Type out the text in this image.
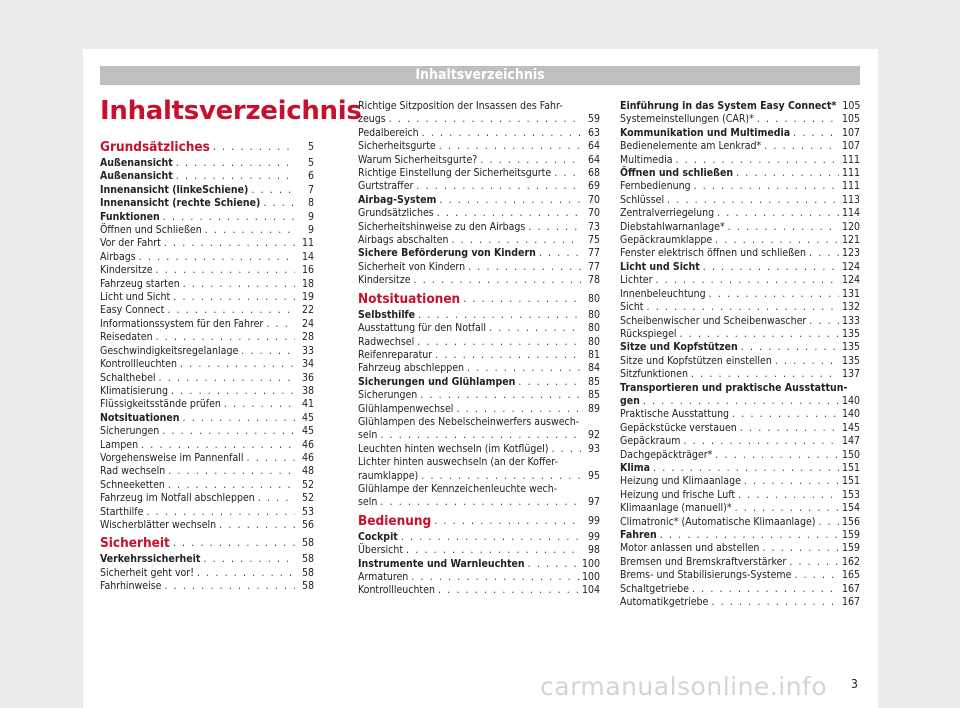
Inhaltsverzeichnis
Inhaltsverzeichnis
Grundsätzliches . . .	5
Außenansicht . . .	5
Außenansicht . . .	6
Innenansicht (linkeSchiene) . . .	7
Innenansicht (rechte Schiene) . . .	8
Funktionen . . .	9
Öffnen und Schließen . . .	9
Vor der Fahrt . . .	11
Airbags . . .	14
Kindersitze . . .	16
Fahrzeug starten . . .	18
Licht und Sicht . . .	19
Easy Connect . . .	22
Informationssystem für den Fahrer . . .	24
Reisedaten . . .	28
Geschwindigkeitsregelanlage . . .	33
Kontrollleuchten . . .	34
Schalthebel . . .	36
Klimatisierung . . .	38
Flüssigkeitsstände prüfen . . .	41
Notsituationen . . .	45
Sicherungen . . .	45
Lampen . . .	46
Vorgehensweise im Pannenfall . . .	46
Rad wechseln . . .	48
Schneeketten . . .	52
Fahrzeug im Notfall abschleppen . . .	52
Starthilfe . . .	53
Wischerblätter wechseln . . .	56
Sicherheit . . .	58
Verkehrssicherheit . . .	58
Sicherheit geht vor! . . .	58
Fahrhinweise . . .	58
Richtige Sitzposition der Insassen des Fahr-
zeugs . . .	59
Pedalbereich . . .	63
Sicherheitsgurte . . .	64
Warum Sicherheitsgurte? . . .	64
Richtige Einstellung der Sicherheitsgurte . . .	68
Gurtstraffer . . .	69
Airbag-System . . .	70
Grundsätzliches . . .	70
Sicherheitshinweise zu den Airbags . . .	73
Airbags abschalten . . .	75
Sichere Beförderung von Kindern . . .	77
Sicherheit von Kindern . . .	77
Kindersitze . . .	78
Notsituationen . . .	80
Selbsthilfe . . .	80
Ausstattung für den Notfall . . .	80
Radwechsel . . .	80
Reifenreparatur . . .	81
Fahrzeug abschleppen . . .	84
Sicherungen und Glühlampen . . .	85
Sicherungen . . .	85
Glühlampenwechsel . . .	89
Glühlampen des Nebelscheinwerfers auswech-
seln . . .	92
Leuchten hinten wechseln (im Kotflügel) . . .	93
Lichter hinten auswechseln (an der Koffer-
raumklappe) . . .	95
Glühlampe der Kennzeichenleuchte wech-
seln . . .	97
Bedienung . . .	99
Cockpit . . .	99
Übersicht . . .	98
Instrumente und Warnleuchten . . .	100
Armaturen . . .	100
Kontrollleuchten . . .	104
Einführung in das System Easy Connect* 105
Systemeinstellungen (CAR)* . . .	105
Kommunikation und Multimedia . . .	107
Bedienelemente am Lenkrad* . . .	107
Multimedia . . .	111
Öffnen und schließen . . .	111
Fernbedienung . . .	111
Schlüssel . . .	113
Zentralverriegelung . . .	114
Diebstahlwarnanlage* . . .	120
Gepäckraumklappe . . .	121
Fenster elektrisch öffnen und schließen . . .	123
Licht und Sicht . . .	124
Lichter . . .	124
Innenbeleuchtung . . .	131
Sicht . . .	132
Scheibenwischer und Scheibenwascher . . .	133
Rückspiegel . . .	135
Sitze und Kopfstützen . . .	135
Sitze und Kopfstützen einstellen . . .	135
Sitzfunktionen . . .	137
Transportieren und praktische Ausstattun-
gen . . .	140
Praktische Ausstattung . . .	140
Gepäckstücke verstauen . . .	145
Gepäckraum . . .	147
Dachgepäckträger* . . .	150
Klima . . .	151
Heizung und Klimaanlage . . .	151
Heizung und frische Luft . . .	153
Klimaanlage (manuell)* . . .	154
Climatronic* (Automatische Klimaanlage) . . .	156
Fahren . . .	159
Motor anlassen und abstellen . . .	159
Bremsen und Bremskraftverstärker . . .	162
Brems- und Stabilisierungs-Systeme . . .	165
Schaltgetriebe . . .	167
Automatikgetriebe . . .	167
3
carmanualsonline.info
